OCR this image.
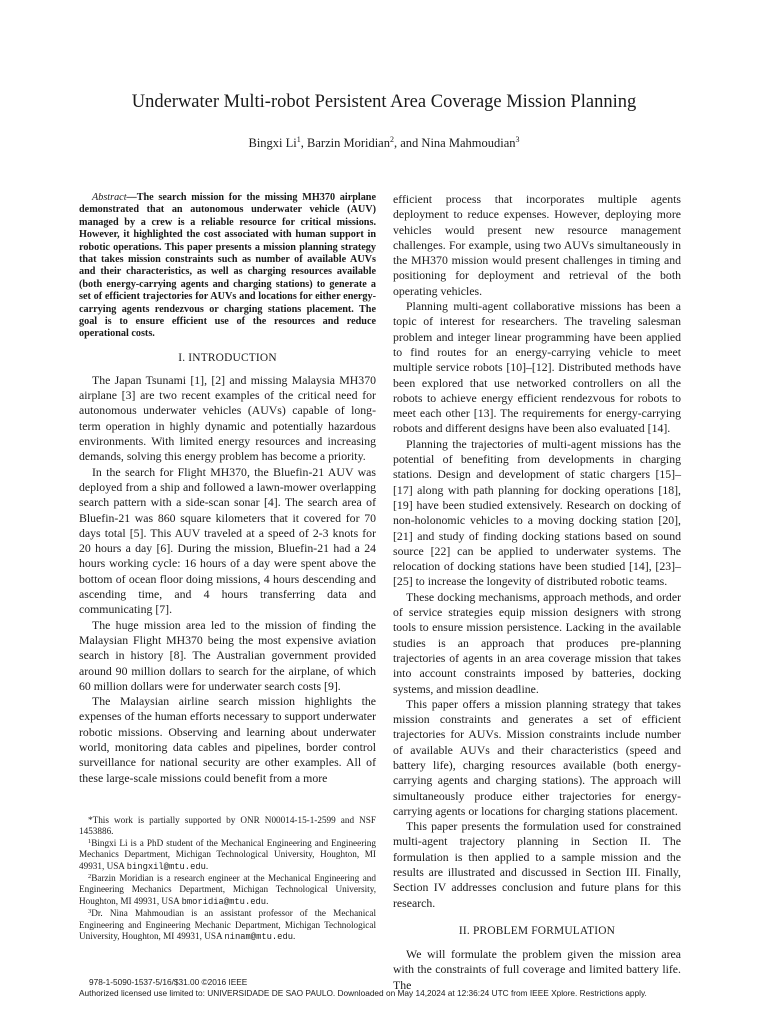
Underwater Multi-robot Persistent Area Coverage Mission Planning
Bingxi Li$^1$, Barzin Moridian$^2$, and Nina Mahmoudian$^3$

Abstract—The search mission for the missing MH370 airplane demonstrated that an autonomous underwater vehicle (AUV) managed by a crew is a reliable resource for critical missions. However, it highlighted the cost associated with human support in robotic operations. This paper presents a mission planning strategy that takes mission constraints such as number of available AUVs and their characteristics, as well as charging resources available (both energy-carrying agents and charging stations) to generate a set of efficient trajectories for AUVs and locations for either energy-carrying agents rendezvous or charging stations placement. The goal is to ensure efficient use of the resources and reduce operational costs.

I. INTRODUCTION

The Japan Tsunami [1], [2] and missing Malaysia MH370 airplane [3] are two recent examples of the critical need for autonomous underwater vehicles (AUVs) capable of long-term operation in highly dynamic and potentially hazardous environments. With limited energy resources and increasing demands, solving this energy problem has become a priority.

In the search for Flight MH370, the Bluefin-21 AUV was deployed from a ship and followed a lawn-mower overlapping search pattern with a side-scan sonar [4]. The search area of Bluefin-21 was 860 square kilometers that it covered for 70 days total [5]. This AUV traveled at a speed of 2-3 knots for 20 hours a day [6]. During the mission, Bluefin-21 had a 24 hours working cycle: 16 hours of a day were spent above the bottom of ocean floor doing missions, 4 hours descending and ascending time, and 4 hours transferring data and communicating [7].

The huge mission area led to the mission of finding the Malaysian Flight MH370 being the most expensive aviation search in history [8]. The Australian government provided around 90 million dollars to search for the airplane, of which 60 million dollars were for underwater search costs [9].

The Malaysian airline search mission highlights the expenses of the human efforts necessary to support underwater robotic missions. Observing and learning about underwater world, monitoring data cables and pipelines, border control surveillance for national security are other examples. All of these large-scale missions could benefit from a more

*This work is partially supported by ONR N00014-15-1-2599 and NSF 1453886.

$^1$Bingxi Li is a PhD student of the Mechanical Engineering and Engineering Mechanics Department, Michigan Technological University, Houghton, MI 49931, USA bingxil@mtu.edu.

$^2$Barzin Moridian is a research engineer at the Mechanical Engineering and Engineering Mechanics Department, Michigan Technological University, Houghton, MI 49931, USA bmoridia@mtu.edu.

$^3$Dr. Nina Mahmoudian is an assistant professor of the Mechanical Engineering and Engineering Mechanic Department, Michigan Technological University, Houghton, MI 49931, USA ninam@mtu.edu.

efficient process that incorporates multiple agents deployment to reduce expenses. However, deploying more vehicles would present new resource management challenges. For example, using two AUVs simultaneously in the MH370 mission would present challenges in timing and positioning for deployment and retrieval of the both operating vehicles.

Planning multi-agent collaborative missions has been a topic of interest for researchers. The traveling salesman problem and integer linear programming have been applied to find routes for an energy-carrying vehicle to meet multiple service robots [10]–[12]. Distributed methods have been explored that use networked controllers on all the robots to achieve energy efficient rendezvous for robots to meet each other [13]. The requirements for energy-carrying robots and different designs have been also evaluated [14].

Planning the trajectories of multi-agent missions has the potential of benefiting from developments in charging stations. Design and development of static chargers [15]–[17] along with path planning for docking operations [18], [19] have been studied extensively. Research on docking of non-holonomic vehicles to a moving docking station [20], [21] and study of finding docking stations based on sound source [22] can be applied to underwater systems. The relocation of docking stations have been studied [14], [23]–[25] to increase the longevity of distributed robotic teams.

These docking mechanisms, approach methods, and order of service strategies equip mission designers with strong tools to ensure mission persistence. Lacking in the available studies is an approach that produces pre-planning trajectories of agents in an area coverage mission that takes into account constraints imposed by batteries, docking systems, and mission deadline.

This paper offers a mission planning strategy that takes mission constraints and generates a set of efficient trajectories for AUVs. Mission constraints include number of available AUVs and their characteristics (speed and battery life), charging resources available (both energy-carrying agents and charging stations). The approach will simultaneously produce either trajectories for energy-carrying agents or locations for charging stations placement.

This paper presents the formulation used for constrained multi-agent trajectory planning in Section II. The formulation is then applied to a sample mission and the results are illustrated and discussed in Section III. Finally, Section IV addresses conclusion and future plans for this research.

II. PROBLEM FORMULATION

We will formulate the problem given the mission area with the constraints of full coverage and limited battery life. The

978-1-5090-1537-5/16/$31.00 ©2016 IEEE
Authorized licensed use limited to: UNIVERSIDADE DE SAO PAULO. Downloaded on May 14,2024 at 12:36:24 UTC from IEEE Xplore. Restrictions apply.
